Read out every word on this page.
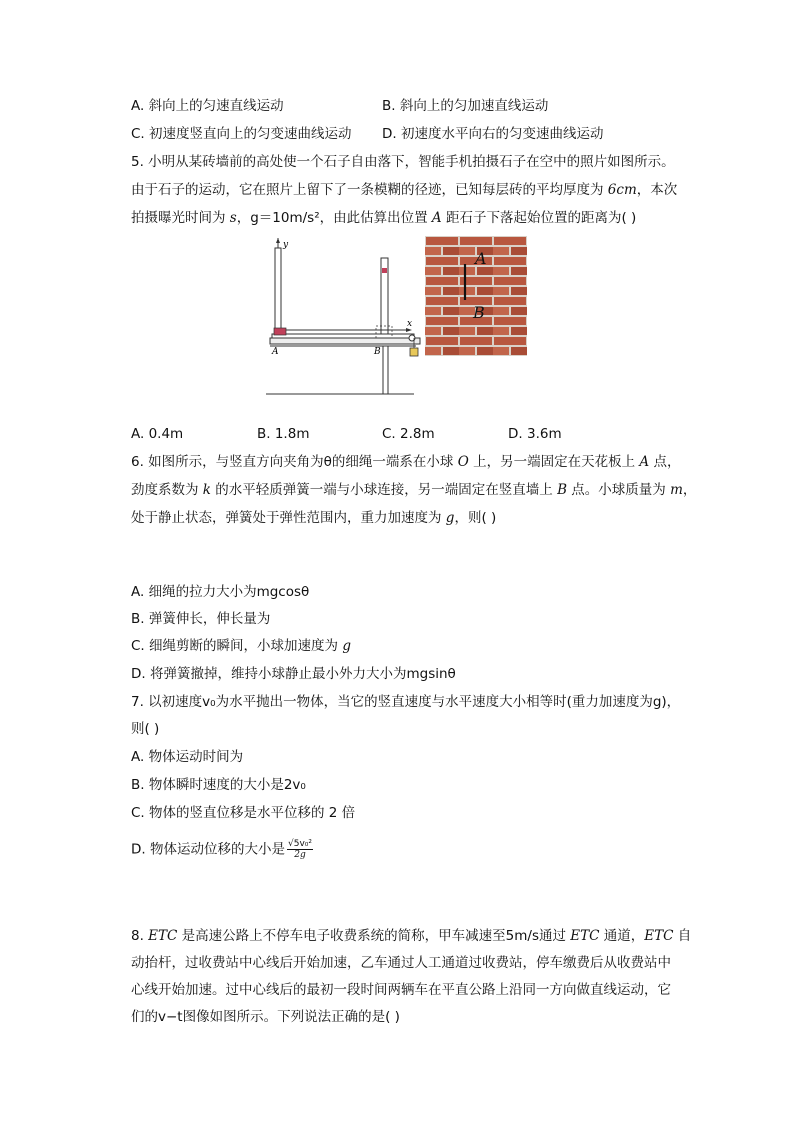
A. 斜向上的匀速直线运动	B. 斜向上的匀加速直线运动
C. 初速度竖直向上的匀变速曲线运动 D. 初速度水平向右的匀变速曲线运动
5. 小明从某砖墙前的高处使一个石子自由落下，智能手机拍摄石子在空中的照片如图所示。
由于石子的运动，它在照片上留下了一条模糊的径迹，已知每层砖的平均厚度为 6cm，本次
拍摄曝光时间为 s，g＝10m/s²，由此估算出位置 A 距石子下落起始位置的距离为( )
y
x
A	B
A
B
A. 0.4m	B. 1.8m	C. 2.8m	D. 3.6m
6. 如图所示，与竖直方向夹角为θ的细绳一端系在小球 O 上，另一端固定在天花板上 A 点，
劲度系数为 k 的水平轻质弹簧一端与小球连接，另一端固定在竖直墙上 B 点。小球质量为 m，
处于静止状态，弹簧处于弹性范围内，重力加速度为 g，则( )
A. 细绳的拉力大小为mgcosθ
B. 弹簧伸长，伸长量为
C. 细绳剪断的瞬间，小球加速度为 g
D. 将弹簧撤掉，维持小球静止最小外力大小为mgsinθ
7. 以初速度v₀为水平抛出一物体，当它的竖直速度与水平速度大小相等时(重力加速度为g)，
则( )
A. 物体运动时间为
B. 物体瞬时速度的大小是2v₀
C. 物体的竖直位移是水平位移的 2 倍
D. 物体运动位移的大小是 $\frac{\text{√5v₀²}}{2g}$
8. ETC 是高速公路上不停车电子收费系统的简称，甲车减速至5m/s通过 ETC 通道，ETC 自
动抬杆，过收费站中心线后开始加速，乙车通过人工通道过收费站，停车缴费后从收费站中
心线开始加速。过中心线后的最初一段时间两辆车在平直公路上沿同一方向做直线运动，它
们的v−t图像如图所示。下列说法正确的是( )
